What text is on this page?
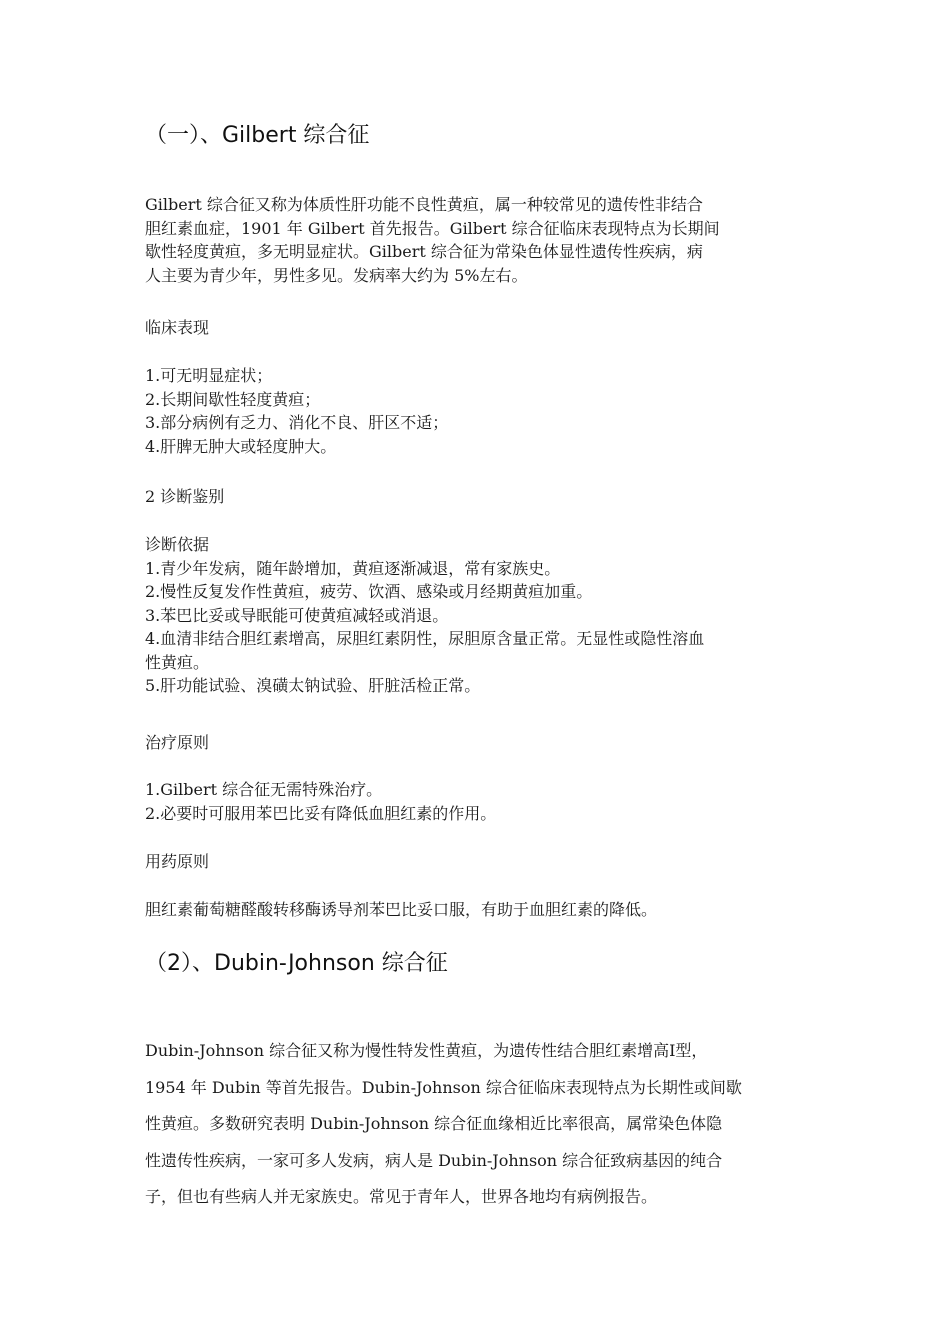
（一）、Gilbert 综合征
Gilbert 综合征又称为体质性肝功能不良性黄疸，属一种较常见的遗传性非结合
胆红素血症，1901 年 Gilbert 首先报告。Gilbert 综合征临床表现特点为长期间
歇性轻度黄疸，多无明显症状。Gilbert 综合征为常染色体显性遗传性疾病，病
人主要为青少年，男性多见。发病率大约为 5%左右。
临床表现
1.可无明显症状；
2.长期间歇性轻度黄疸；
3.部分病例有乏力、消化不良、肝区不适；
4.肝脾无肿大或轻度肿大。
2 诊断鉴别
诊断依据
1.青少年发病，随年龄增加，黄疸逐渐减退，常有家族史。
2.慢性反复发作性黄疸，疲劳、饮酒、感染或月经期黄疸加重。
3.苯巴比妥或导眠能可使黄疸减轻或消退。
4.血清非结合胆红素增高，尿胆红素阴性，尿胆原含量正常。无显性或隐性溶血
性黄疸。
5.肝功能试验、溴磺太钠试验、肝脏活检正常。
治疗原则
1.Gilbert 综合征无需特殊治疗。
2.必要时可服用苯巴比妥有降低血胆红素的作用。
用药原则
胆红素葡萄糖醛酸转移酶诱导剂苯巴比妥口服，有助于血胆红素的降低。
（2）、Dubin-Johnson 综合征
Dubin-Johnson 综合征又称为慢性特发性黄疸，为遗传性结合胆红素增高Ⅰ型，
1954 年 Dubin 等首先报告。Dubin-Johnson 综合征临床表现特点为长期性或间歇
性黄疸。多数研究表明 Dubin-Johnson 综合征血缘相近比率很高，属常染色体隐
性遗传性疾病，一家可多人发病，病人是 Dubin-Johnson 综合征致病基因的纯合
子，但也有些病人并无家族史。常见于青年人，世界各地均有病例报告。
